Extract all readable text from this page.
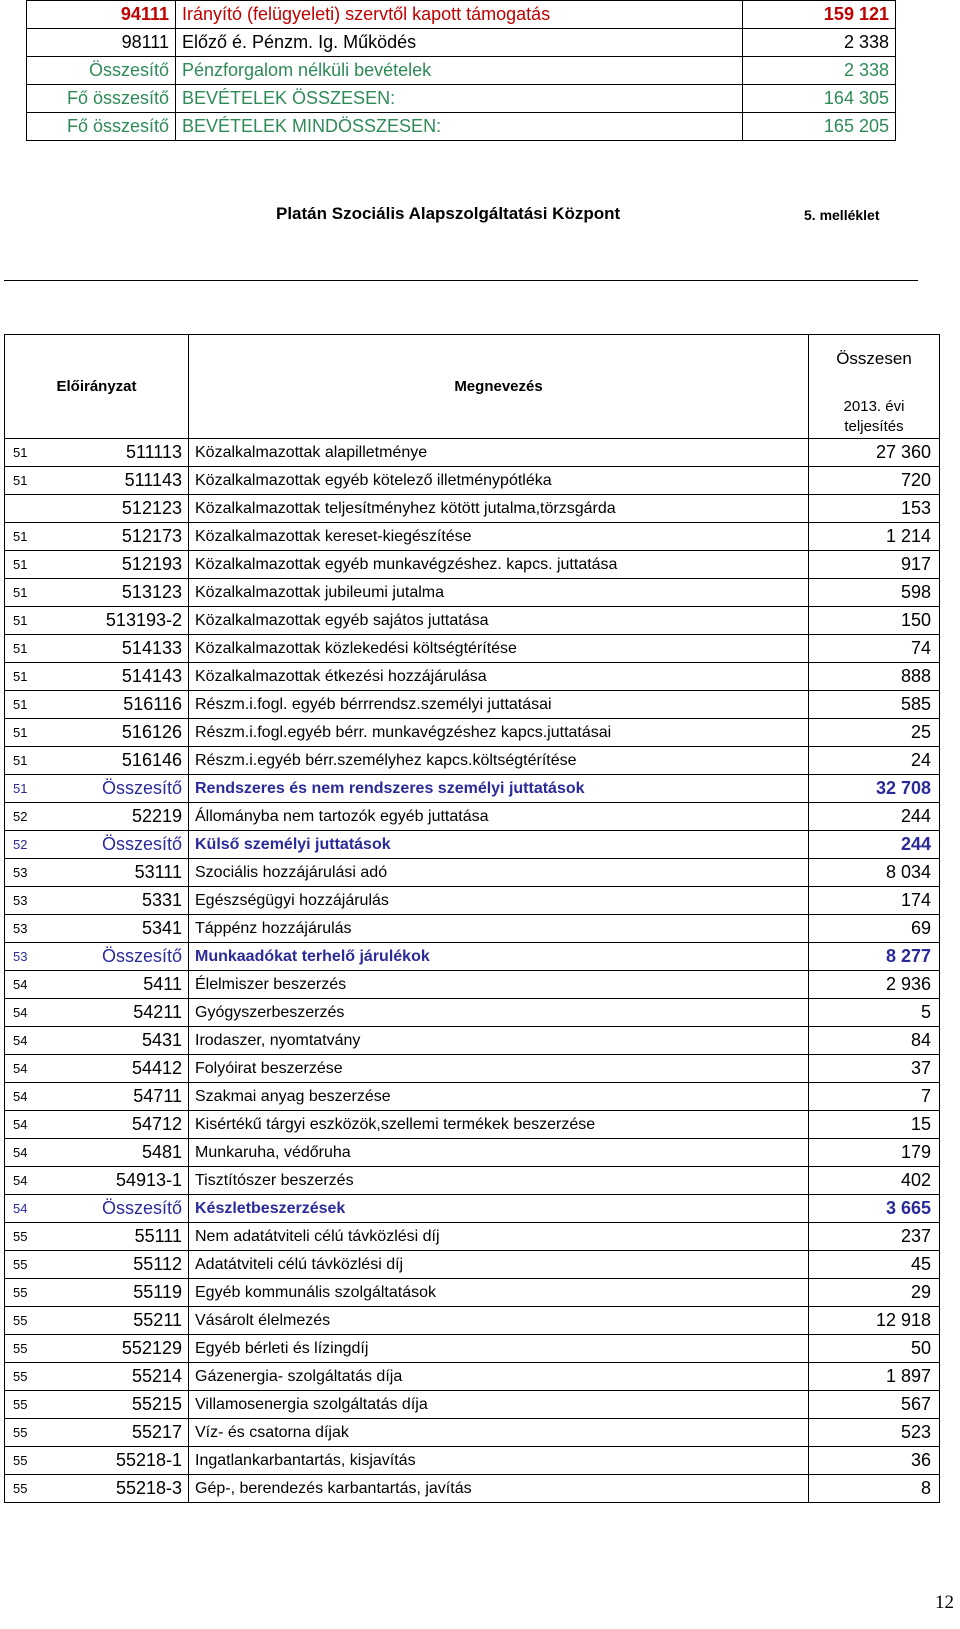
94111	Irányító (felügyeleti) szervtől kapott támogatás	159 121
98111	Előző é. Pénzm. Ig. Működés	2 338
Összesítő	Pénzforgalom nélküli bevételek	2 338
Fő összesítő	BEVÉTELEK ÖSSZESEN:	164 305
Fő összesítő	BEVÉTELEK MINDÖSSZESEN:	165 205
Platán Szociális Alapszolgáltatási Központ	5. melléklet
Előirányzat	Megnevezés	Összesen
2013. évi
teljesítés

51 511113	Közalkalmazottak alapilletménye	27 360

51 511143	Közalkalmazottak egyéb kötelező illetménypótléka	720

512123	Közalkalmazottak teljesítményhez kötött jutalma,törzsgárda	153

51 512173	Közalkalmazottak kereset-kiegészítése	1 214

51 512193	Közalkalmazottak egyéb munkavégzéshez. kapcs. juttatása	917

51 513123	Közalkalmazottak jubileumi jutalma	598

51 513193-2	Közalkalmazottak egyéb sajátos juttatása	150

51 514133	Közalkalmazottak közlekedési költségtérítése	74

51 514143	Közalkalmazottak étkezési hozzájárulása	888

51 516116	Részm.i.fogl. egyéb bérrrendsz.személyi juttatásai	585

51 516126	Részm.i.fogl.egyéb bérr. munkavégzéshez kapcs.juttatásai	25

51 516146	Részm.i.egyéb bérr.személyhez kapcs.költségtérítése	24

51 Összesítő	Rendszeres és nem rendszeres személyi juttatások	32 708

52 52219	Állományba nem tartozók egyéb juttatása	244

52 Összesítő	Külső személyi juttatások	244

53 53111	Szociális hozzájárulási adó	8 034

53 5331	Egészségügyi hozzájárulás	174

53 5341	Táppénz hozzájárulás	69

53 Összesítő	Munkaadókat terhelő járulékok	8 277

54 5411	Élelmiszer beszerzés	2 936

54 54211	Gyógyszerbeszerzés	5

54 5431	Irodaszer, nyomtatvány	84

54 54412	Folyóirat beszerzése	37

54 54711	Szakmai anyag beszerzése	7

54 54712	Kisértékű tárgyi eszközök,szellemi termékek beszerzése	15

54 5481	Munkaruha, védőruha	179

54 54913-1	Tisztítószer beszerzés	402

54 Összesítő	Készletbeszerzések	3 665

55 55111	Nem adatátviteli célú távközlési díj	237

55 55112	Adatátviteli célú távközlési díj	45

55 55119	Egyéb kommunális szolgáltatások	29

55 55211	Vásárolt élelmezés	12 918

55 552129	Egyéb bérleti és lízingdíj	50

55 55214	Gázenergia- szolgáltatás díja	1 897

55 55215	Villamosenergia szolgáltatás díja	567

55 55217	Víz- és csatorna díjak	523

55 55218-1	Ingatlankarbantartás, kisjavítás	36

55 55218-3	Gép-, berendezés karbantartás, javítás	8
12
